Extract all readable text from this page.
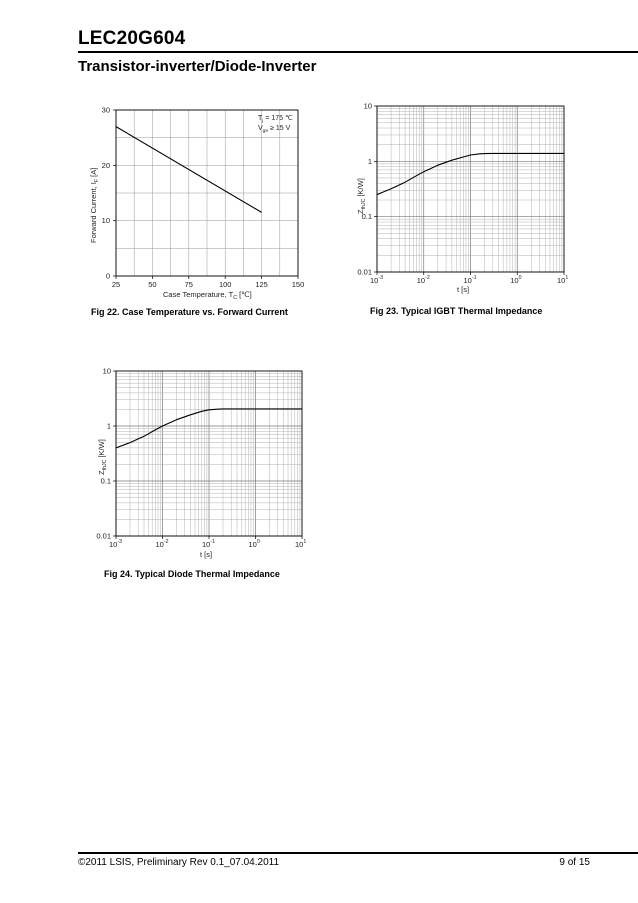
LEC20G604
Transistor-inverter/Diode-Inverter
25	50	75	100	125	150
0
10
20
30
Case Temperature, $T_C$ [℃]
Forward Current, $I_F$ [A]
$T_j = 175$ ℃
$V_{ge} \ge 15$ V
Fig 22. Case Temperature vs. Forward Current
$10^{-3}$	$10^{-2}$	$10^{-1}$	$10^0$	$10^1$
0.01
0.1
1
10
t [s]
$Z_{thJC}$ [K/W]
Fig 23. Typical IGBT Thermal Impedance
$10^{-3}$	$10^{-2}$	$10^{-1}$	$10^0$	$10^1$
0.01
0.1
1
10
t [s]
$Z_{thJC}$ [K/W]
Fig 24. Typical Diode Thermal Impedance
©2011 LSIS, Preliminary Rev 0.1_07.04.2011	9 of 15
